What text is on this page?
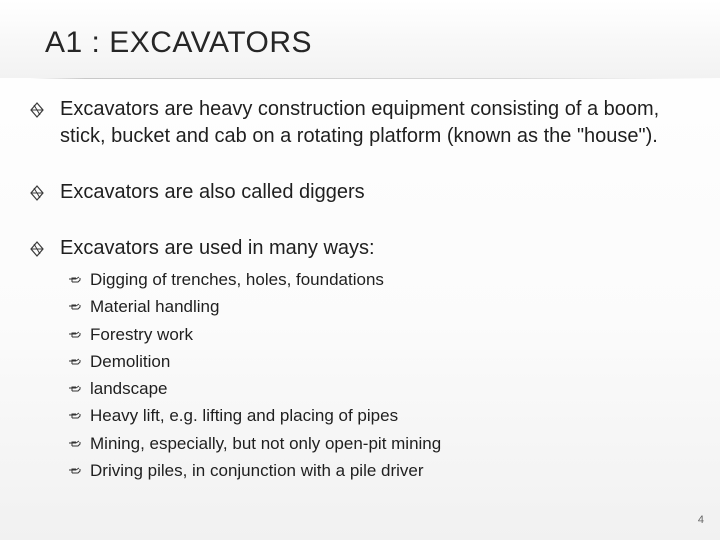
A1 : EXCAVATORS
Excavators are heavy construction equipment consisting of a boom, stick, bucket and cab on a rotating platform (known as the "house").
Excavators are also called diggers
Excavators are used in many ways:
Digging of trenches, holes, foundations
Material handling
Forestry work
Demolition
landscape
Heavy lift, e.g. lifting and placing of pipes
Mining, especially, but not only open-pit mining
Driving piles, in conjunction with a pile driver
4
